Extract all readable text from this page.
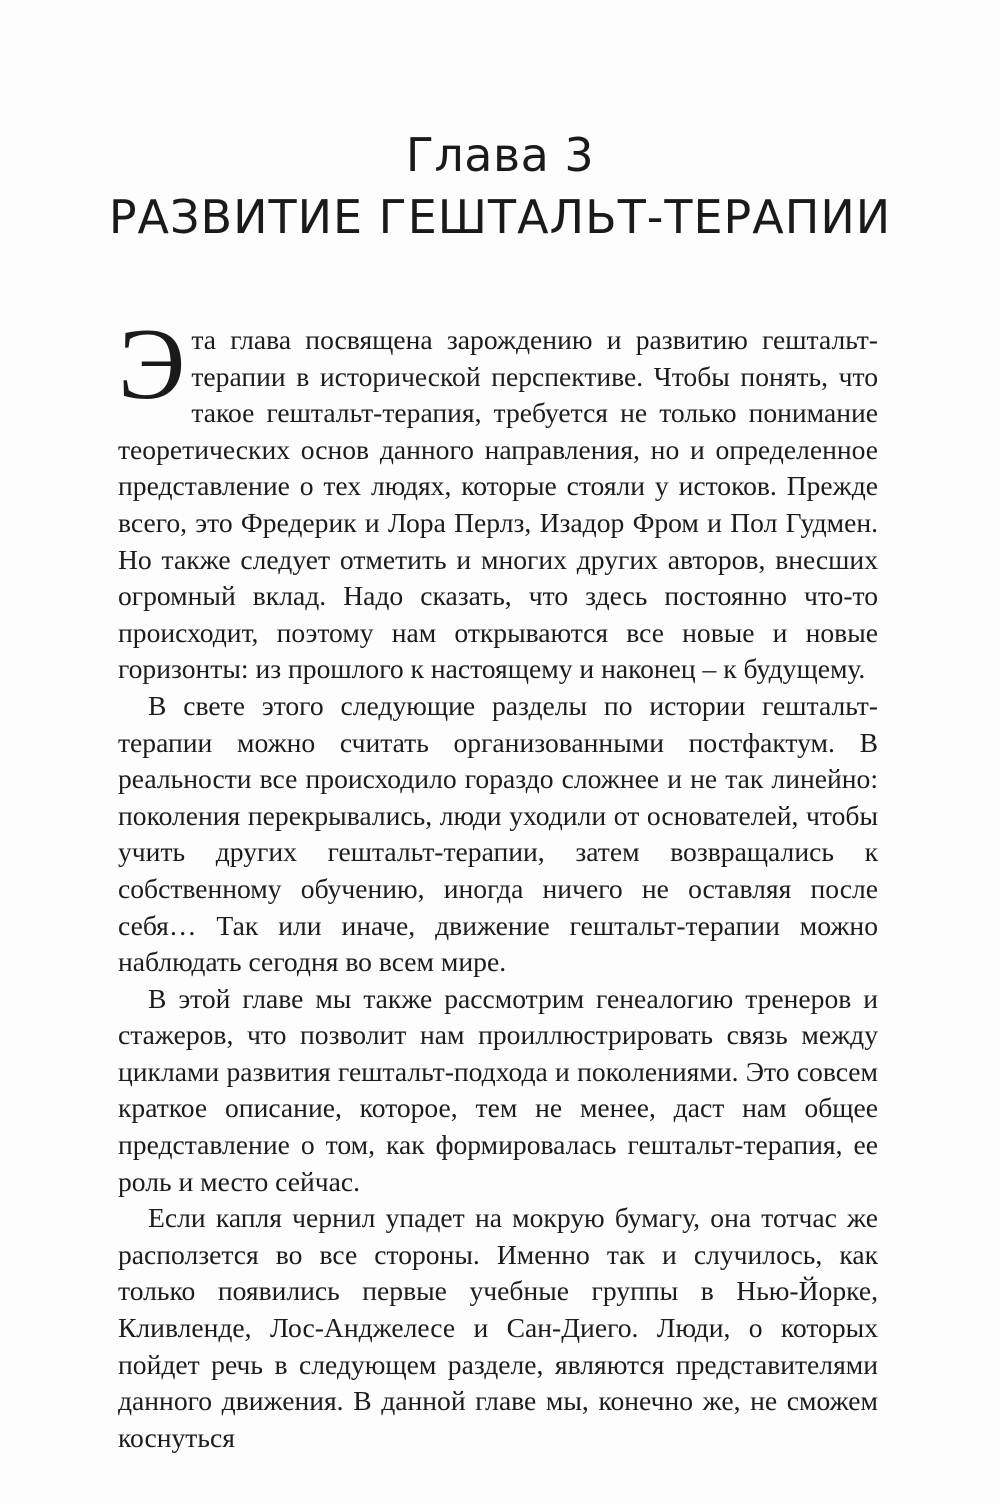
Глава 3
РАЗВИТИЕ ГЕШТАЛЬТ-ТЕРАПИИ

Эта глава посвящена зарождению и развитию гештальт-терапии в исторической перспективе. Чтобы понять, что такое гештальт-терапия, требуется не только понимание теоретических основ данного направления, но и определенное представление о тех людях, которые стояли у истоков. Прежде всего, это Фредерик и Лора Перлз, Изадор Фром и Пол Гудмен. Но также следует отметить и многих других авторов, внесших огромный вклад. Надо сказать, что здесь постоянно что-то происходит, поэтому нам открываются все новые и новые горизонты: из прошлого к настоящему и наконец – к будущему.

В свете этого следующие разделы по истории гештальт-терапии можно считать организованными постфактум. В реальности все происходило гораздо сложнее и не так линейно: поколения перекрывались, люди уходили от основателей, чтобы учить других гештальт-терапии, затем возвращались к собственному обучению, иногда ничего не оставляя после себя… Так или иначе, движение гештальт-терапии можно наблюдать сегодня во всем мире.

В этой главе мы также рассмотрим генеалогию тренеров и стажеров, что позволит нам проиллюстрировать связь между циклами развития гештальт-подхода и поколениями. Это совсем краткое описание, которое, тем не менее, даст нам общее представление о том, как формировалась гештальт-терапия, ее роль и место сейчас.

Если капля чернил упадет на мокрую бумагу, она тотчас же расползется во все стороны. Именно так и случилось, как только появились первые учебные группы в Нью-Йорке, Кливленде, Лос-Анджелесе и Сан-Диего. Люди, о которых пойдет речь в следующем разделе, являются представителями данного движения. В данной главе мы, конечно же, не сможем коснуться
